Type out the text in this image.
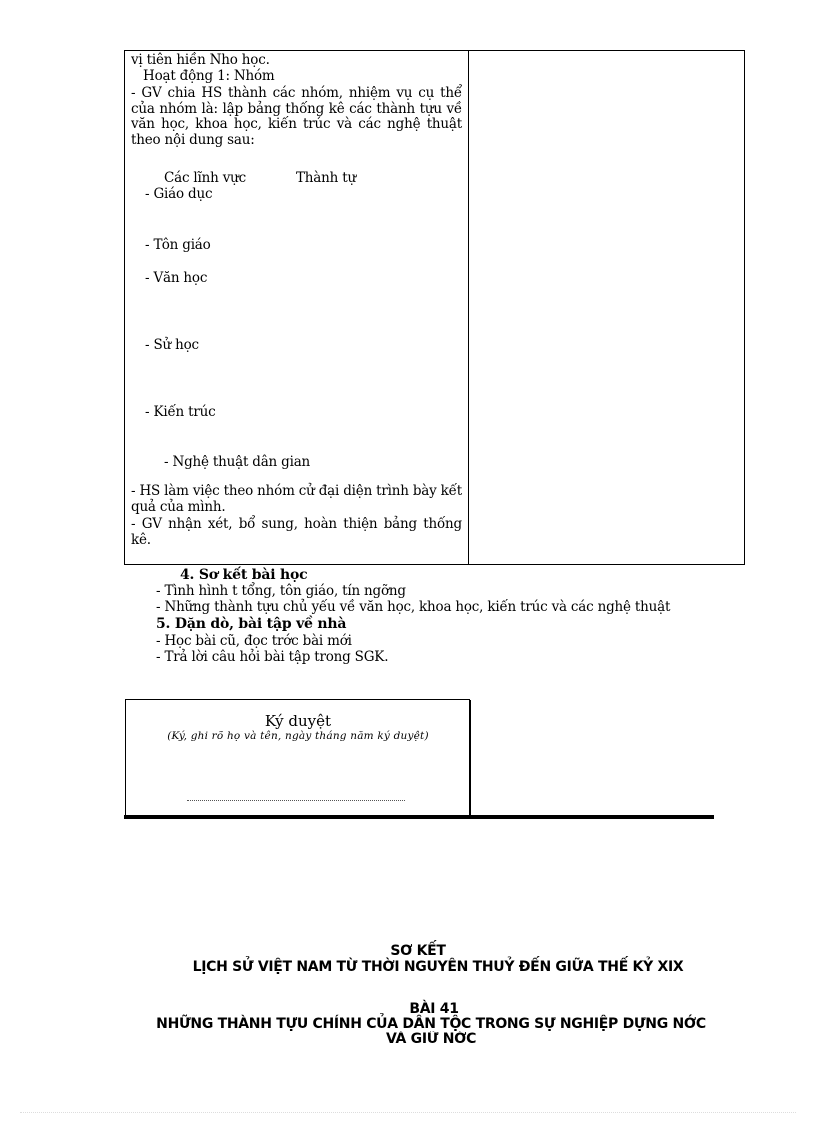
vị tiên hiền Nho học.
Hoạt động 1: Nhóm
- GV chia HS thành các nhóm, nhiệm vụ cụ thể của nhóm là: lập bảng thống kê các thành tựu về văn học, khoa học, kiến trúc và các nghệ thuật theo nội dung sau:
Các lĩnh vực	Thành tự
- Giáo dục
- Tôn giáo
- Văn học
- Sử học
- Kiến trúc
- Nghệ thuật dân gian
- HS làm việc theo nhóm cử đại diện trình bày kết quả của mình.
- GV nhận xét, bổ sung, hoàn thiện bảng thống kê.
4. Sơ kết bài học
- Tình hình t tổng, tôn giáo, tín ngỡng
- Những thành tựu chủ yếu về văn học, khoa học, kiến trúc và các nghệ thuật
5. Dặn dò, bài tập về nhà
- Học bài cũ, đọc trớc bài mới
- Trả lời câu hỏi bài tập trong SGK.
Ký duyệt
(Ký, ghi rõ họ và tên, ngày tháng năm ký duyệt)
SƠ KẾT
LỊCH SỬ VIỆT NAM TỪ THỜI NGUYÊN THUỶ ĐẾN GIỮA THẾ KỶ XIX
BÀI 41
NHỮNG THÀNH TỰU CHÍNH CỦA DÂN TỘC TRONG SỰ NGHIỆP DỰNG NỚC
VÀ GIỮ NỚC
